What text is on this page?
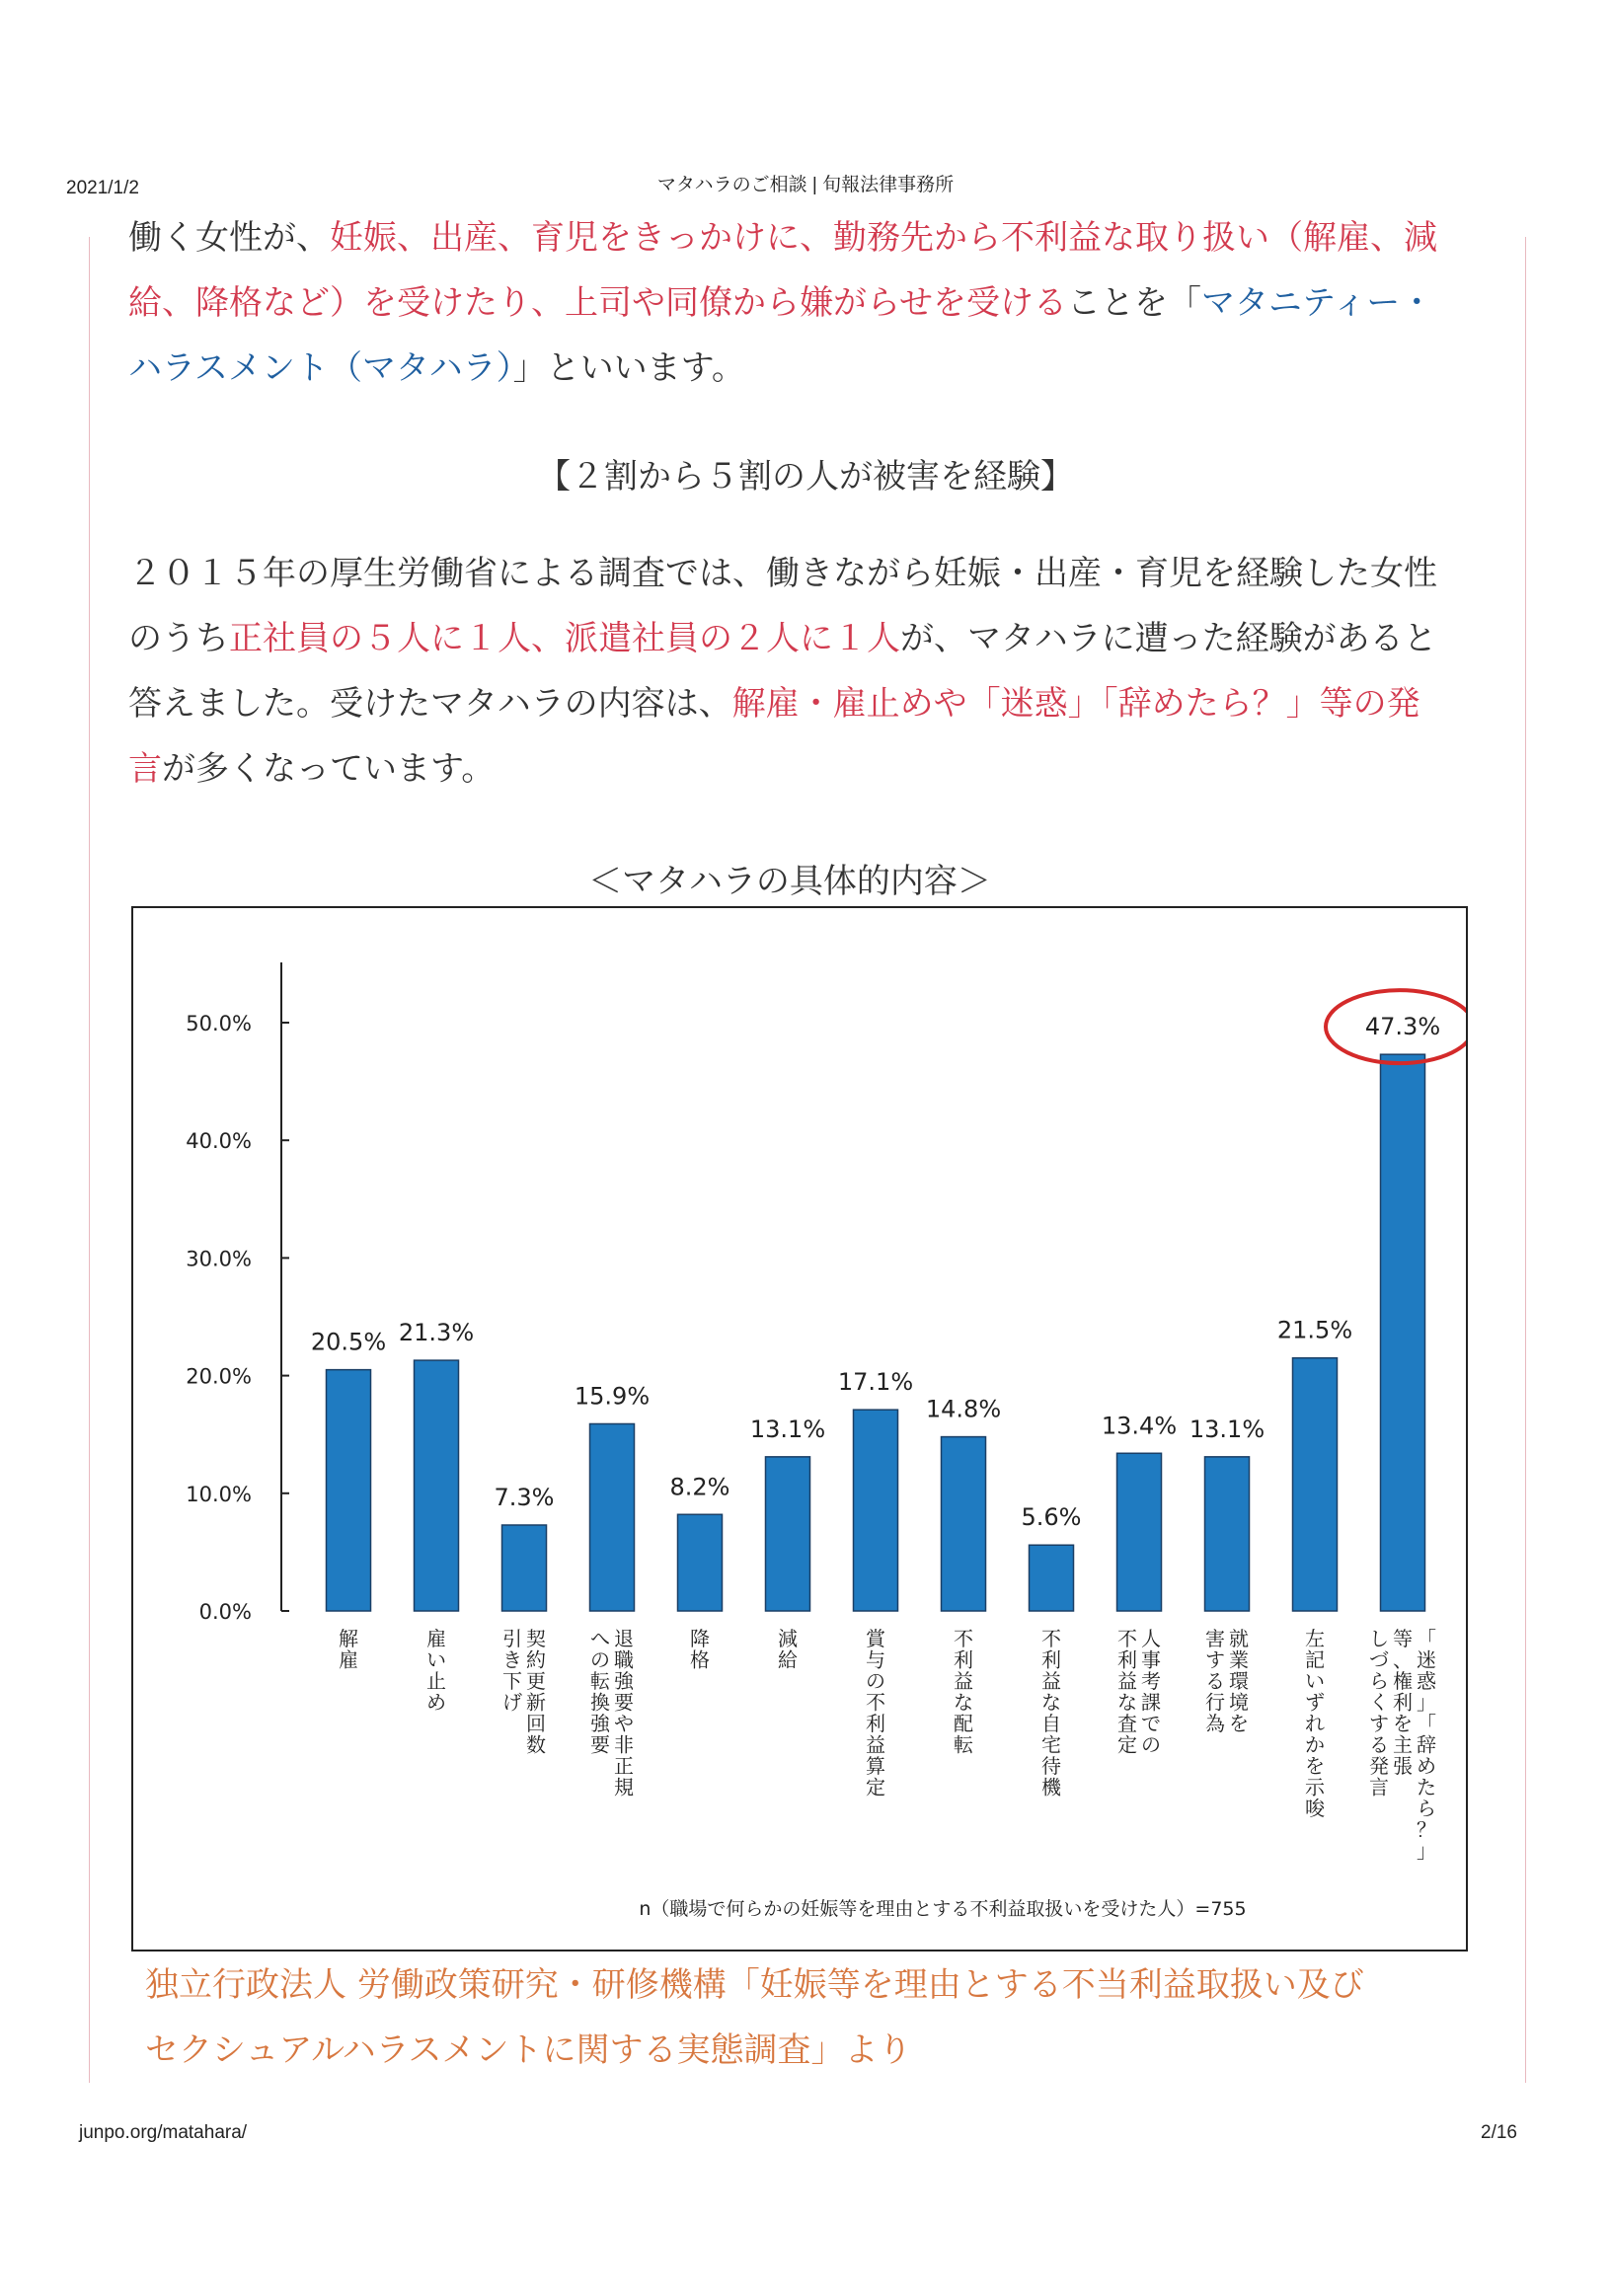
2021/1/2	マタハラのご相談 | 旬報法律事務所
働く女性が、妊娠、出産、育児をきっかけに、勤務先から不利益な取り扱い（解雇、減給、降格など）を受けたり、上司や同僚から嫌がらせを受けることを「マタニティー・ハラスメント（マタハラ）」といいます。
【２割から５割の人が被害を経験】
２０１５年の厚生労働省による調査では、働きながら妊娠・出産・育児を経験した女性のうち正社員の５人に１人、派遣社員の２人に１人が、マタハラに遭った経験があると答えました。受けたマタハラの内容は、解雇・雇止めや「迷惑」「辞めたら？」等の発言が多くなっています。
＜マタハラの具体的内容＞
0.0%
10.0%
20.0%
30.0%
40.0%
50.0%
20.5%
解雇
21.3%
雇い止め
7.3%
契約更新回数
引き下げ
15.9%
退職強要や非正規
への転換強要
8.2%
降格
13.1%
減給
17.1%
賞与の不利益算定
14.8%
不利益な配転
5.6%
不利益な自宅待機
13.4%
人事考課での
不利益な査定
13.1%
就業環境を
害する行為
21.5%
左記いずれかを示唆
47.3%
「迷惑」「辞めたら？」
等、権利を主張
しづらくする発言
n（職場で何らかの妊娠等を理由とする不利益取扱いを受けた人）=755
独立行政法人 労働政策研究・研修機構「妊娠等を理由とする不当利益取扱い及び
セクシュアルハラスメントに関する実態調査」より
junpo.org/matahara/	2/16
